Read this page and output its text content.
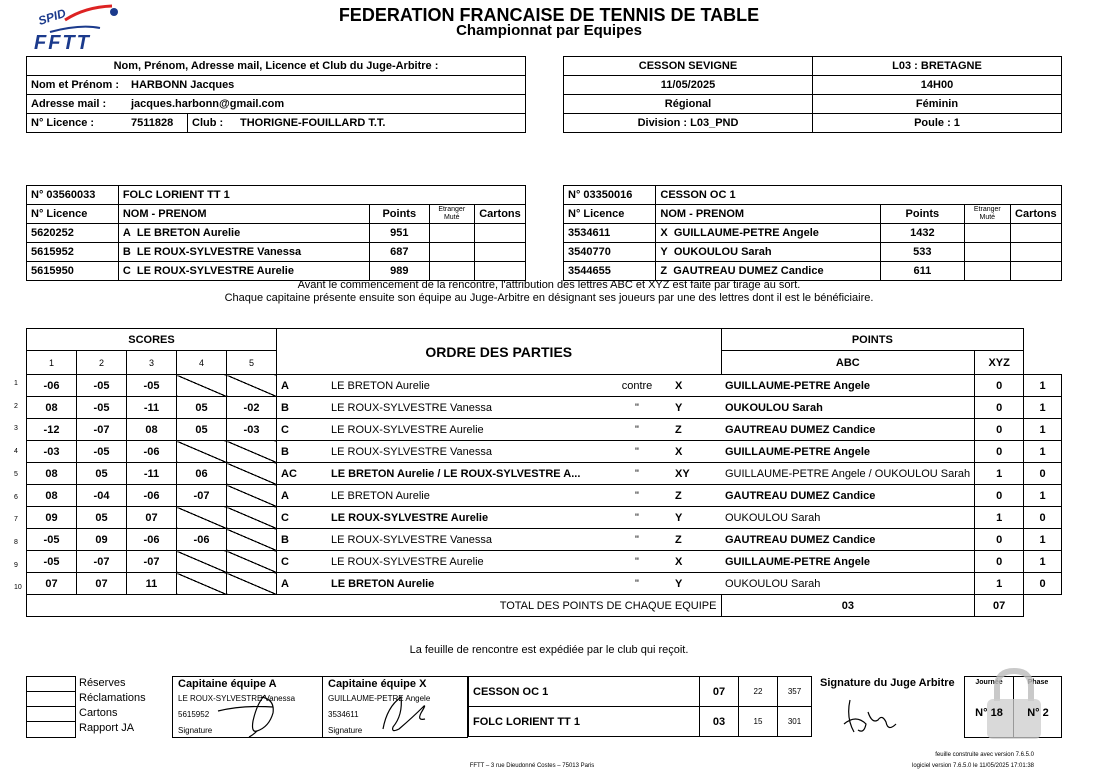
SPID
FFTT
FEDERATION FRANCAISE DE TENNIS DE TABLE
Championnat par Equipes
Nom, Prénom, Adresse mail, Licence et Club du Juge-Arbitre :			
Nom et Prénom :	HARBONN Jacques		
Adresse mail :	jacques.harbonn@gmail.com		
N° Licence :	7511828	Club :	THORIGNE-FOUILLARD T.T.
CESSON SEVIGNE	L03 : BRETAGNE
11/05/2025	14H00
Régional	Féminin
Division : L03_PND	Poule : 1
N° 03560033	FOLC LORIENT TT 1			
N° Licence	NOM - PRENOM	Points	Etranger
Muté	Cartons
5620252	A LE BRETON Aurelie	951		
5615952	B LE ROUX-SYLVESTRE Vanessa	687		
5615950	C LE ROUX-SYLVESTRE Aurelie	989		
N° 03350016	CESSON OC 1			
N° Licence	NOM - PRENOM	Points	Etranger
Muté	Cartons
3534611	X GUILLAUME-PETRE Angele	1432		
3540770	Y OUKOULOU Sarah	533		
3544655	Z GAUTREAU DUMEZ Candice	611		
Avant le commencement de la rencontre, l'attribution des lettres ABC et XYZ est faite par tirage au sort.
Chaque capitaine présente ensuite son équipe au Juge-Arbitre en désignant ses joueurs par une des lettres dont il est le bénéficiaire.
SCORES					ORDRE DES PARTIES				POINTS		
1	2	3	4	5					ABC	XYZ	
-06	-05	-05			A	LE BRETON Aurelie	contre	X	GUILLAUME-PETRE Angele	0	1
08	-05	-11	05	-02	B	LE ROUX-SYLVESTRE Vanessa	"	Y	OUKOULOU Sarah	0	1
-12	-07	08	05	-03	C	LE ROUX-SYLVESTRE Aurelie	"	Z	GAUTREAU DUMEZ Candice	0	1
-03	-05	-06			B	LE ROUX-SYLVESTRE Vanessa	"	X	GUILLAUME-PETRE Angele	0	1
08	05	-11	06		AC	LE BRETON Aurelie / LE ROUX-SYLVESTRE A...	"	XY	GUILLAUME-PETRE Angele / OUKOULOU Sarah	1	0
08	-04	-06	-07		A	LE BRETON Aurelie	"	Z	GAUTREAU DUMEZ Candice	0	1
09	05	07			C	LE ROUX-SYLVESTRE Aurelie	"	Y	OUKOULOU Sarah	1	0
-05	09	-06	-06		B	LE ROUX-SYLVESTRE Vanessa	"	Z	GAUTREAU DUMEZ Candice	0	1
-05	-07	-07			C	LE ROUX-SYLVESTRE Aurelie	"	X	GUILLAUME-PETRE Angele	0	1
07	07	11			A	LE BRETON Aurelie	"	Y	OUKOULOU Sarah	1	0
TOTAL DES POINTS DE CHAQUE EQUIPE									03	07	
La feuille de rencontre est expédiée par le club qui reçoit.
Réserves
Réclamations
Cartons
Rapport JA
Capitaine équipe A
LE ROUX-SYLVESTRE Vanessa
5615952
Signature
Capitaine équipe X
GUILLAUME-PETRE Angele
3534611
Signature
CESSON OC 1	07	22	357
FOLC LORIENT TT 1	03	15	301
Signature du Juge Arbitre	Journée	Phase
N° 18	N° 2
feuille construite avec version 7.6.5.0
logiciel version 7.6.5.0 le 11/05/2025 17:01:38
FFTT – 3 rue Dieudonné Costes – 75013 Paris
1
2
3
4
5
6
7
8
9
10
